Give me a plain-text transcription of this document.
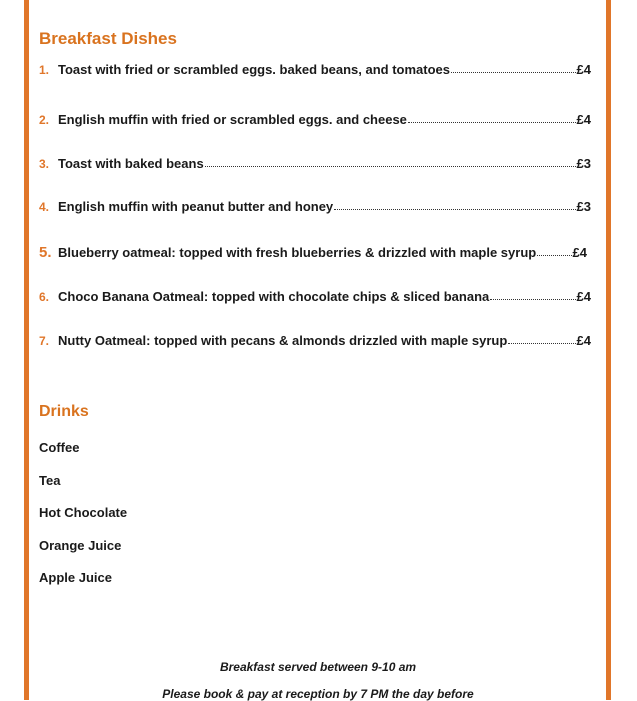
Breakfast Dishes
1. Toast with fried or scrambled eggs. baked beans, and tomatoes	£4
2. English muffin with fried or scrambled eggs. and cheese	£4
3. Toast with baked beans	£3
4. English muffin with peanut butter and honey	£3
5. Blueberry oatmeal: topped with fresh blueberries & drizzled with maple syrup	£4
6. Choco Banana Oatmeal: topped with chocolate chips & sliced banana	£4
7. Nutty Oatmeal: topped with pecans & almonds drizzled with maple syrup	£4
Drinks

Coffee

Tea

Hot Chocolate

Orange Juice

Apple Juice

Breakfast served between 9-10 am

Please book & pay at reception by 7 PM the day before
